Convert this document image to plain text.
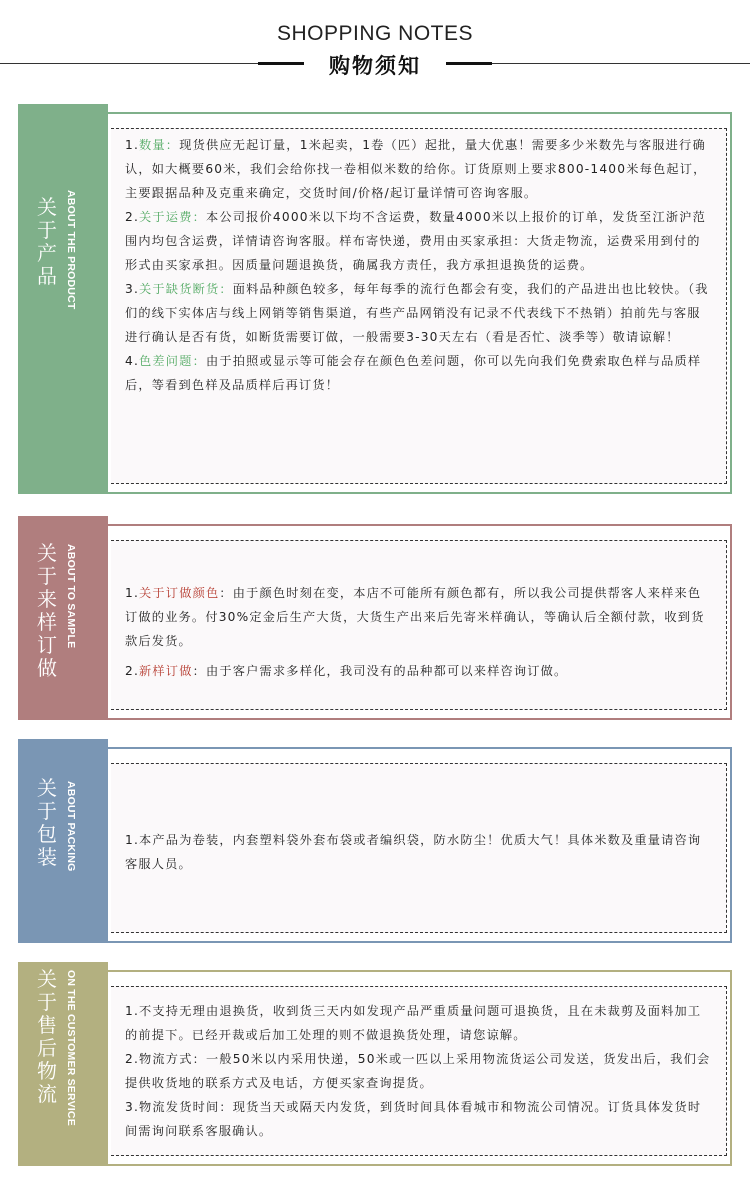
SHOPPING NOTES
购物须知
关于产品 ABOUT THE PRODUCT

1.数量：现货供应无起订量，1米起卖，1卷（匹）起批，量大优惠！需要多少米数先与客服进行确认，如大概要60米，我们会给你找一卷相似米数的给你。订货原则上要求800-1400米每色起订，主要跟据品种及克重来确定，交货时间/价格/起订量详情可咨询客服。

2.关于运费：本公司报价4000米以下均不含运费，数量4000米以上报价的订单，发货至江浙沪范围内均包含运费，详情请咨询客服。样布寄快递，费用由买家承担：大货走物流，运费采用到付的形式由买家承担。因质量问题退换货，确属我方责任，我方承担退换货的运费。

3.关于缺货断货：面料品种颜色较多，每年每季的流行色都会有变，我们的产品进出也比较快。（我们的线下实体店与线上网销等销售渠道，有些产品网销没有记录不代表线下不热销）拍前先与客服进行确认是否有货，如断货需要订做，一般需要3-30天左右（看是否忙、淡季等）敬请谅解！

4.色差问题：由于拍照或显示等可能会存在颜色色差问题，你可以先向我们免费索取色样与品质样后，等看到色样及品质样后再订货！

关于来样订做
ABOUT TO SAMPLE	1.关于订做颜色：由于颜色时刻在变，本店不可能所有颜色都有，所以我公司提供帮客人来样来色订做的业务。付30%定金后生产大货，大货生产出来后先寄米样确认，等确认后全额付款，收到货款后发货。

2.新样订做：由于客户需求多样化，我司没有的品种都可以来样咨询订做。

关于包装 ABOUT PACKING	1.本产品为卷装，内套塑料袋外套布袋或者编织袋，防水防尘！优质大气！具体米数及重量请咨询客服人员。

关于售后物流 ON THE CUSTOMER SERVICE	1.不支持无理由退换货，收到货三天内如发现产品严重质量问题可退换货，且在未裁剪及面料加工的前提下。已经开裁或后加工处理的则不做退换货处理，请您谅解。

2.物流方式：一般50米以内采用快递，50米或一匹以上采用物流货运公司发送，货发出后，我们会提供收货地的联系方式及电话，方便买家查询提货。

3.物流发货时间：现货当天或隔天内发货，到货时间具体看城市和物流公司情况。订货具体发货时间需询问联系客服确认。
